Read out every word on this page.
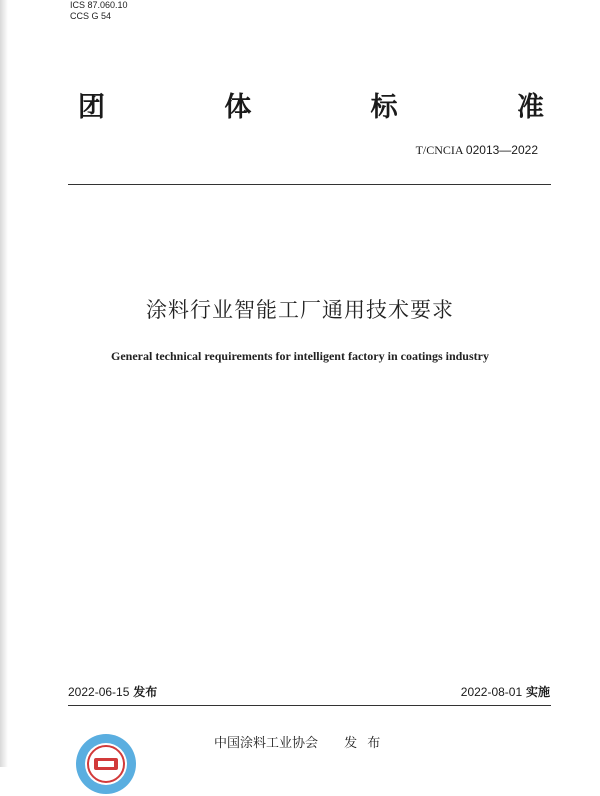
ICS 87.060.10
CCS G 54
团	体	标	准
T/CNCIA 02013—2022
涂料行业智能工厂通用技术要求
General technical requirements for intelligent factory in coatings industry
2022-06-15 发布	2022-08-01 实施
中国涂料工业协会 发 布
